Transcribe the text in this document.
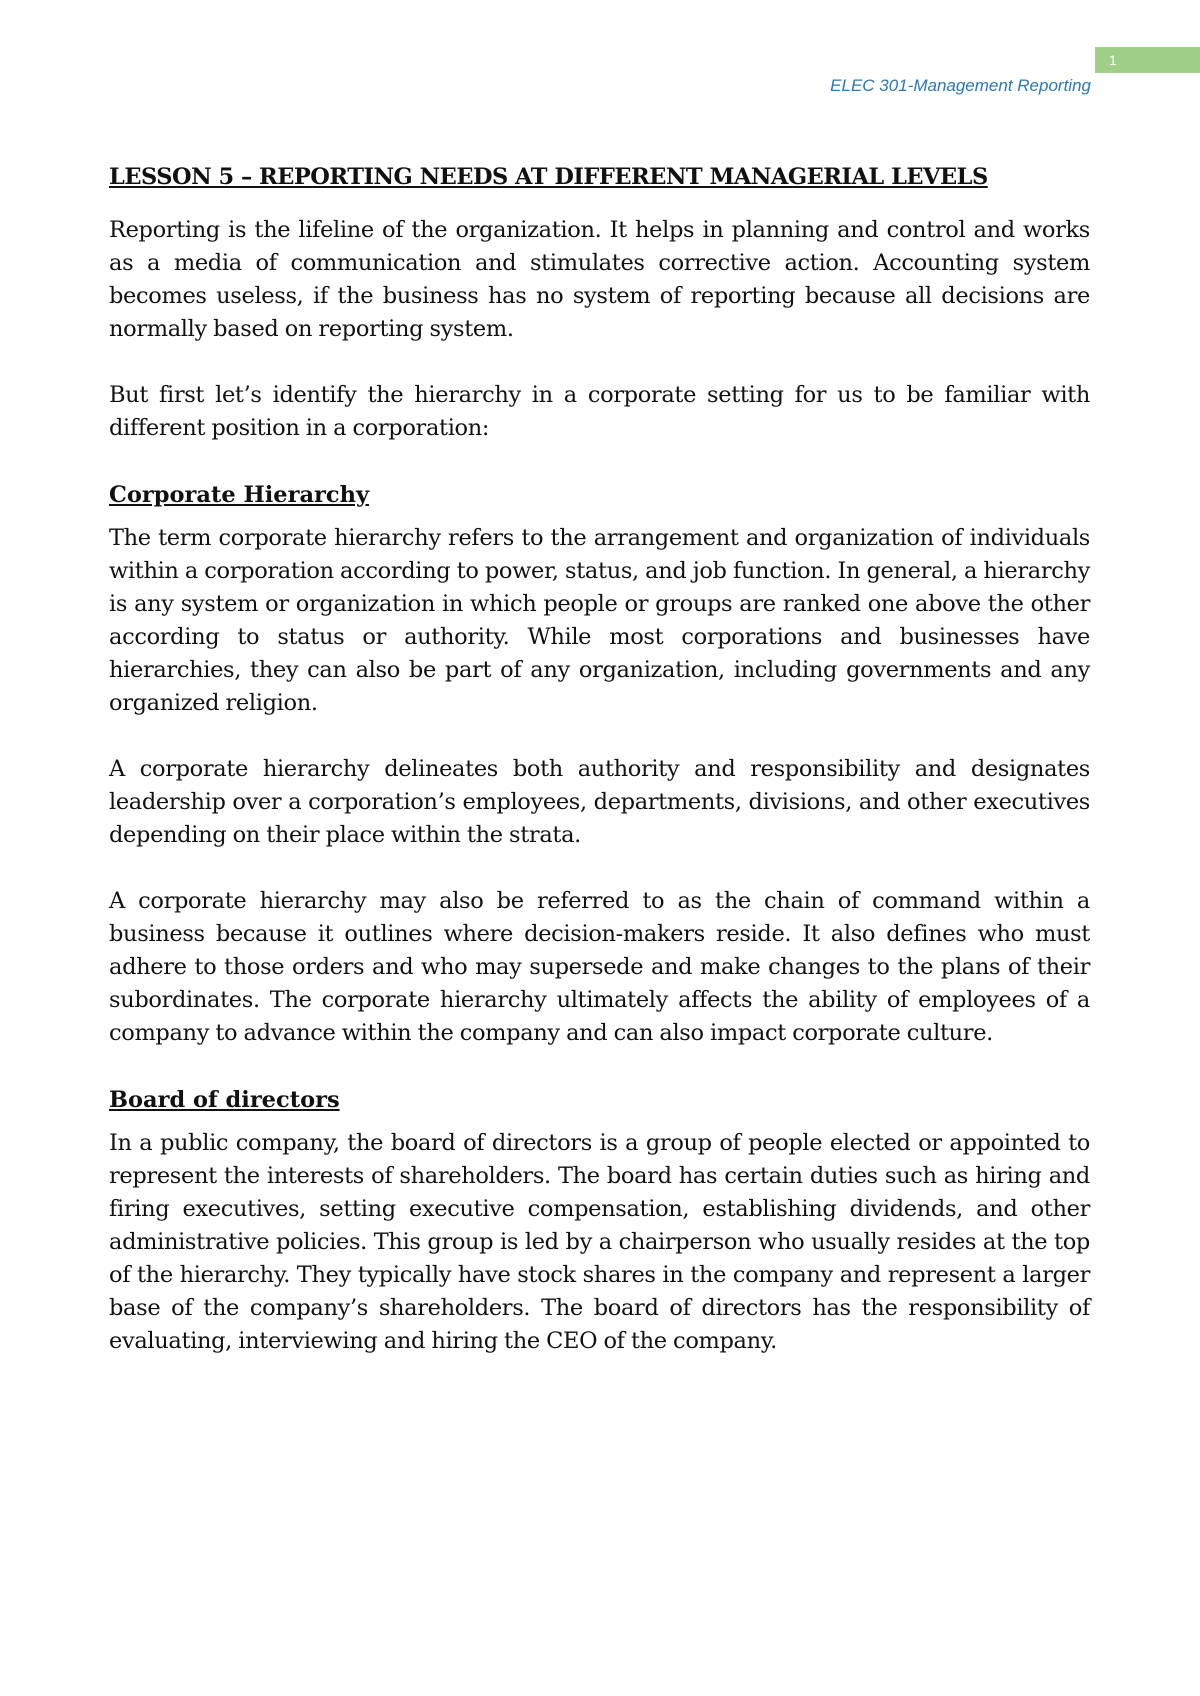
1
ELEC 301-Management Reporting
LESSON 5 – REPORTING NEEDS AT DIFFERENT MANAGERIAL LEVELS

Reporting is the lifeline of the organization. It helps in planning and control and works as a media of communication and stimulates corrective action. Accounting system becomes useless, if the business has no system of reporting because all decisions are normally based on reporting system.

But first let’s identify the hierarchy in a corporate setting for us to be familiar with different position in a corporation:

Corporate Hierarchy

The term corporate hierarchy refers to the arrangement and organization of individuals within a corporation according to power, status, and job function. In general, a hierarchy is any system or organization in which people or groups are ranked one above the other according to status or authority. While most corporations and businesses have hierarchies, they can also be part of any organization, including governments and any organized religion.

A corporate hierarchy delineates both authority and responsibility and designates leadership over a corporation’s employees, departments, divisions, and other executives depending on their place within the strata.

A corporate hierarchy may also be referred to as the chain of command within a business because it outlines where decision-makers reside. It also defines who must adhere to those orders and who may supersede and make changes to the plans of their subordinates. The corporate hierarchy ultimately affects the ability of employees of a company to advance within the company and can also impact corporate culture.

Board of directors

In a public company, the board of directors is a group of people elected or appointed to represent the interests of shareholders. The board has certain duties such as hiring and firing executives, setting executive compensation, establishing dividends, and other administrative policies. This group is led by a chairperson who usually resides at the top of the hierarchy. They typically have stock shares in the company and represent a larger base of the company’s shareholders. The board of directors has the responsibility of evaluating, interviewing and hiring the CEO of the company.
